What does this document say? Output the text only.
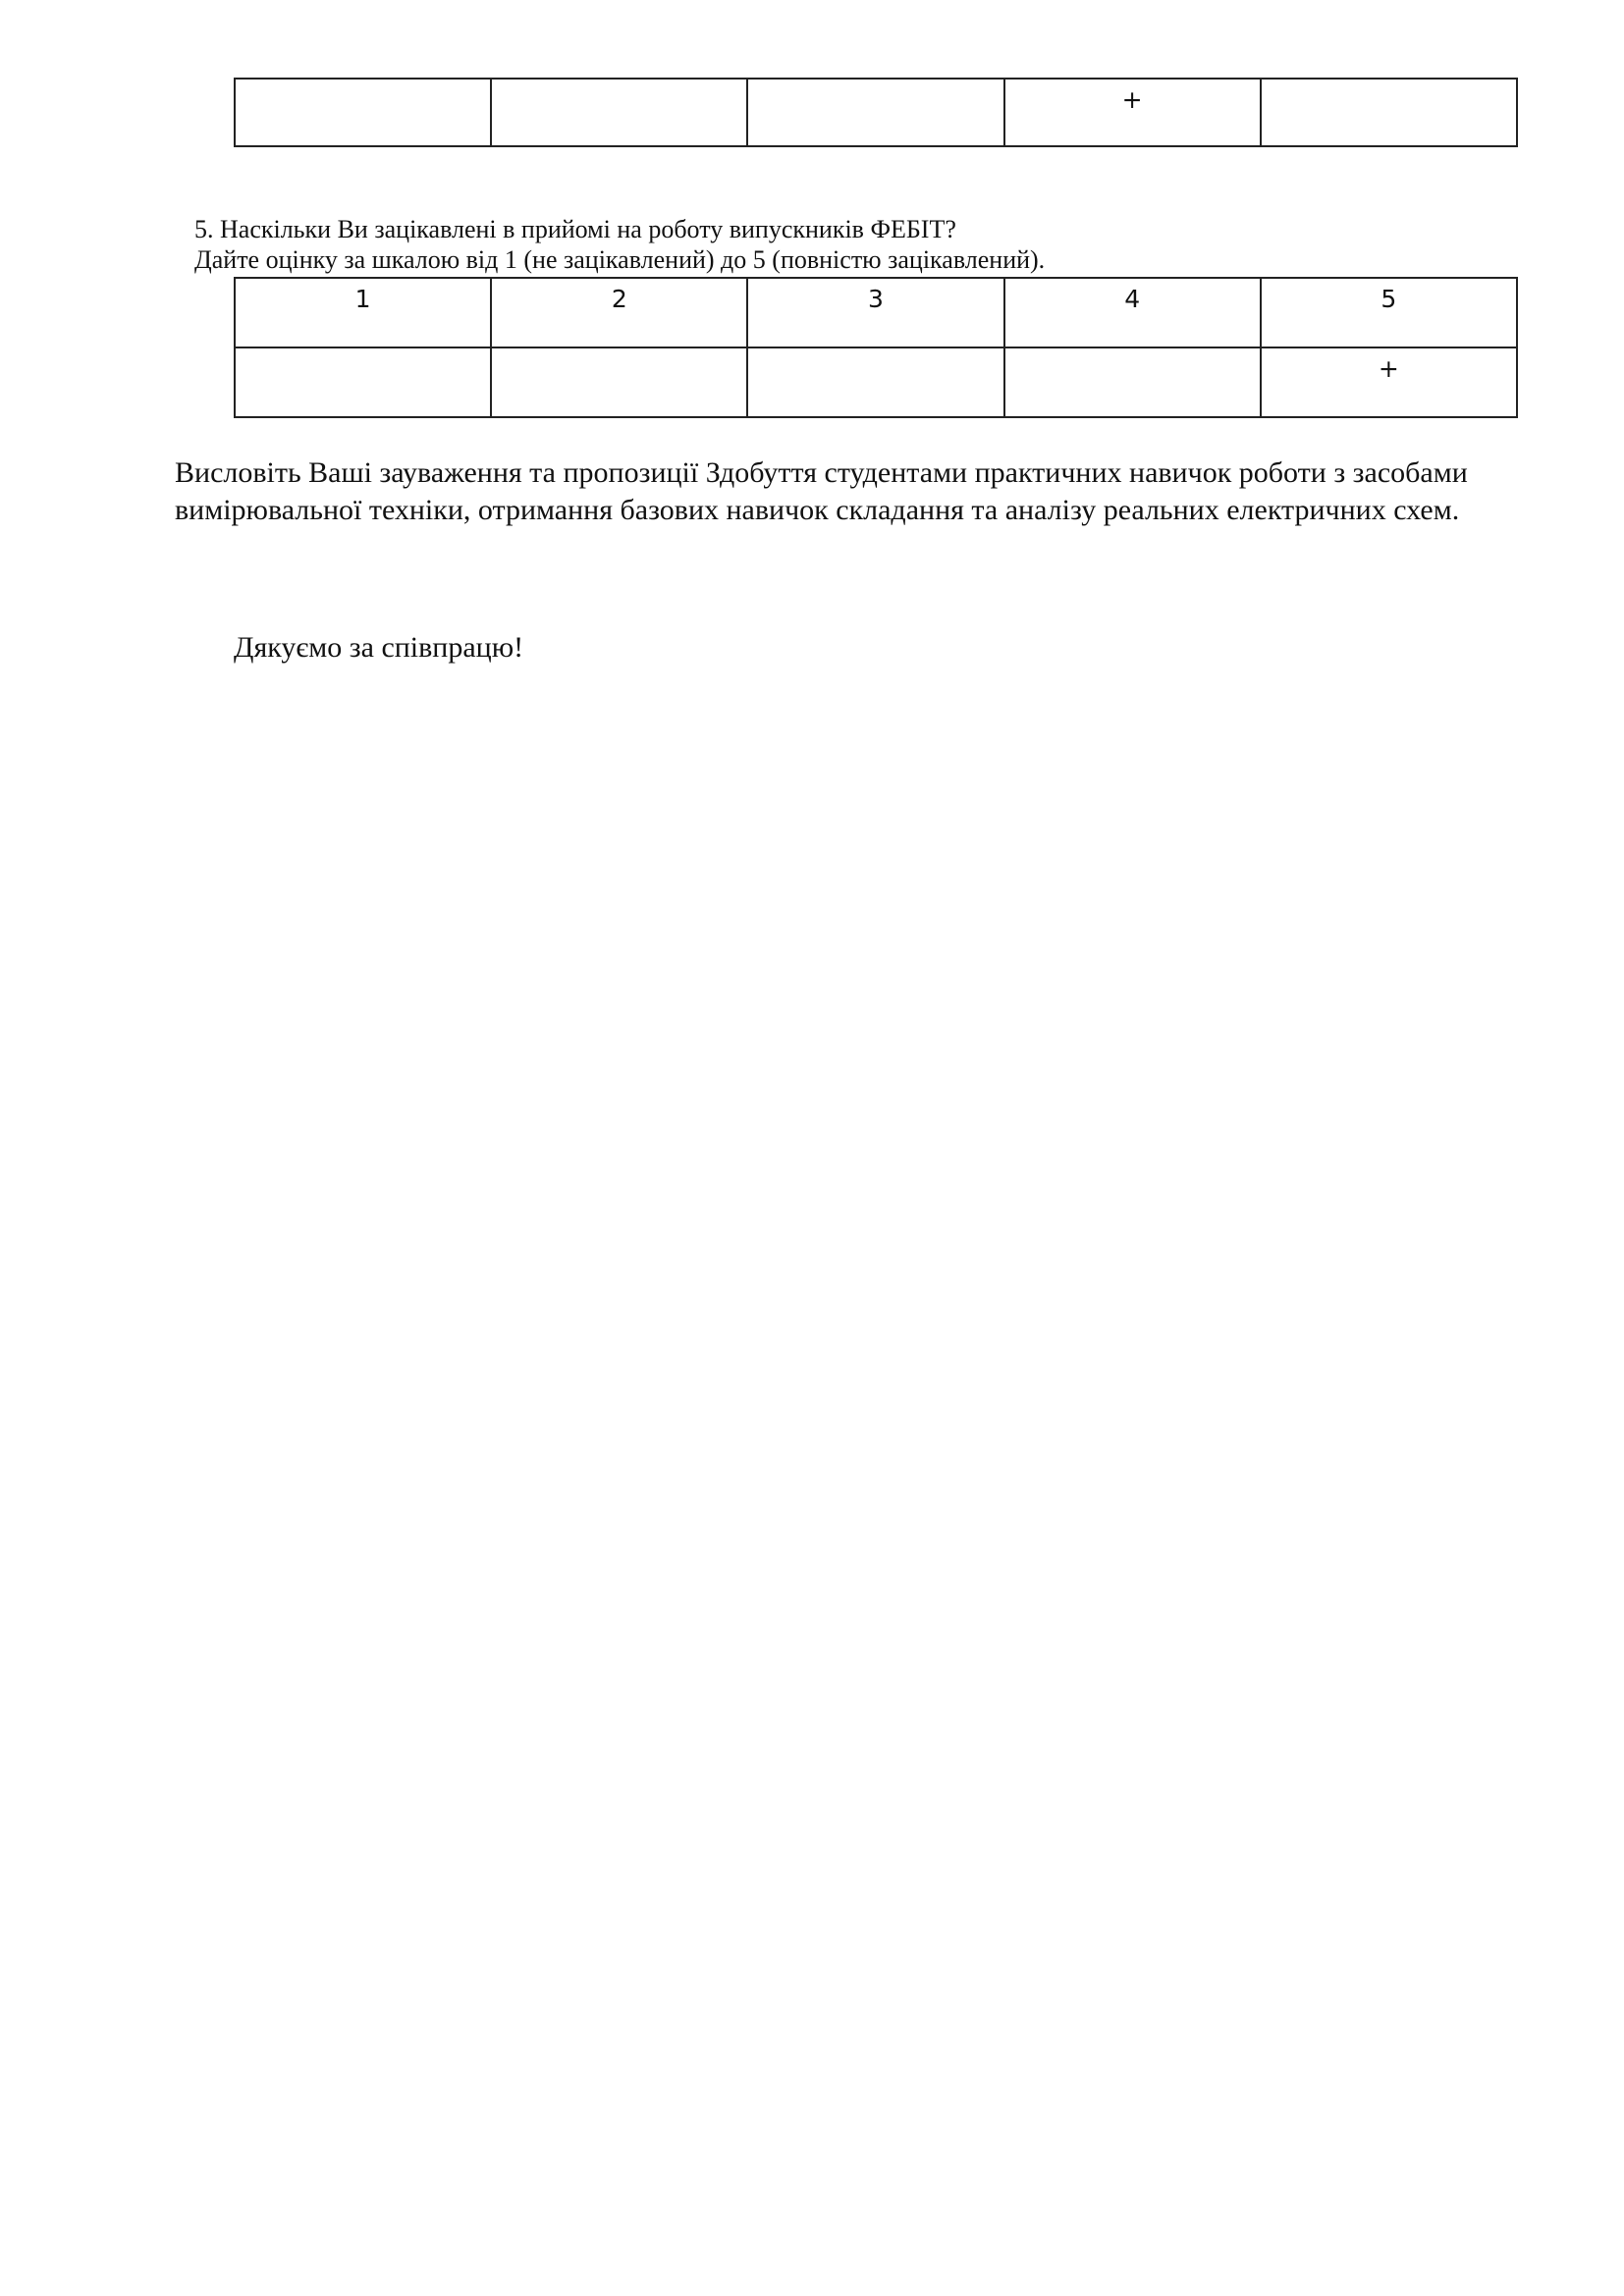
			+	
5. Наскільки Ви зацікавлені в прийомі на роботу випускників ФЕБІТ?
Дайте оцінку за шкалою від 1 (не зацікавлений) до 5 (повністю зацікавлений).
1	2	3	4	5
				+
Висловіть Ваші зауваження та пропозиції Здобуття студентами практичних навичок роботи з засобами
вимірювальної техніки, отримання базових навичок складання та аналізу реальних електричних схем.
Дякуємо за співпрацю!
